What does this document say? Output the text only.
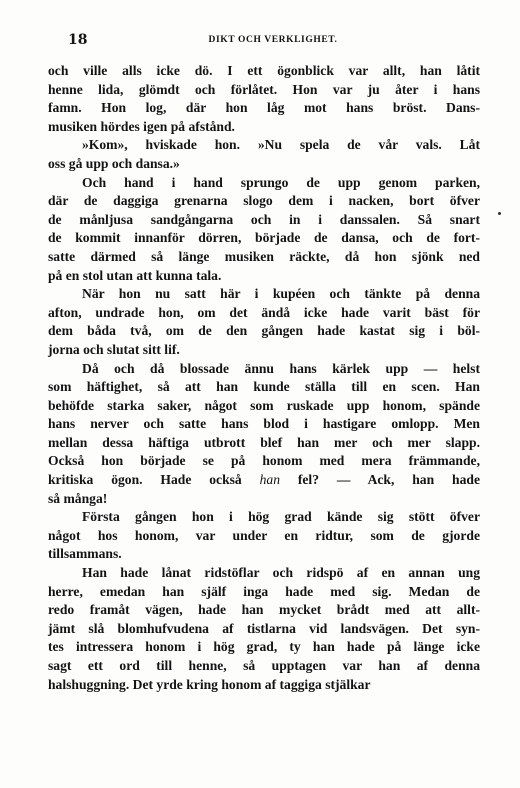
18	DIKT OCH VERKLIGHET.
och ville alls icke dö. I ett ögonblick var allt, han låtit
henne lida, glömdt och förlåtet. Hon var ju åter i hans
famn. Hon log, där hon låg mot hans bröst. Dans-
musiken hördes igen på afstånd.
»Kom», hviskade hon. »Nu spela de vår vals. Låt
oss gå upp och dansa.»
Och hand i hand sprungo de upp genom parken,
där de daggiga grenarna slogo dem i nacken, bort öfver
de månljusa sandgångarna och in i danssalen. Så snart
de kommit innanför dörren, började de dansa, och de fort-
satte därmed så länge musiken räckte, då hon sjönk ned
på en stol utan att kunna tala.
När hon nu satt här i kupéen och tänkte på denna
afton, undrade hon, om det ändå icke hade varit bäst för
dem båda två, om de den gången hade kastat sig i böl-
jorna och slutat sitt lif.
Då och då blossade ännu hans kärlek upp — helst
som häftighet, så att han kunde ställa till en scen. Han
behöfde starka saker, något som ruskade upp honom, spände
hans nerver och satte hans blod i hastigare omlopp. Men
mellan dessa häftiga utbrott blef han mer och mer slapp.
Också hon började se på honom med mera främmande,
kritiska ögon. Hade också han fel? — Ack, han hade
så många!
Första gången hon i hög grad kände sig stött öfver
något hos honom, var under en ridtur, som de gjorde
tillsammans.
Han hade lånat ridstöflar och ridspö af en annan ung
herre, emedan han själf inga hade med sig. Medan de
redo framåt vägen, hade han mycket brådt med att allt-
jämt slå blomhufvudena af tistlarna vid landsvägen. Det syn-
tes intressera honom i hög grad, ty han hade på länge icke
sagt ett ord till henne, så upptagen var han af denna
halshuggning. Det yrde kring honom af taggiga stjälkar
